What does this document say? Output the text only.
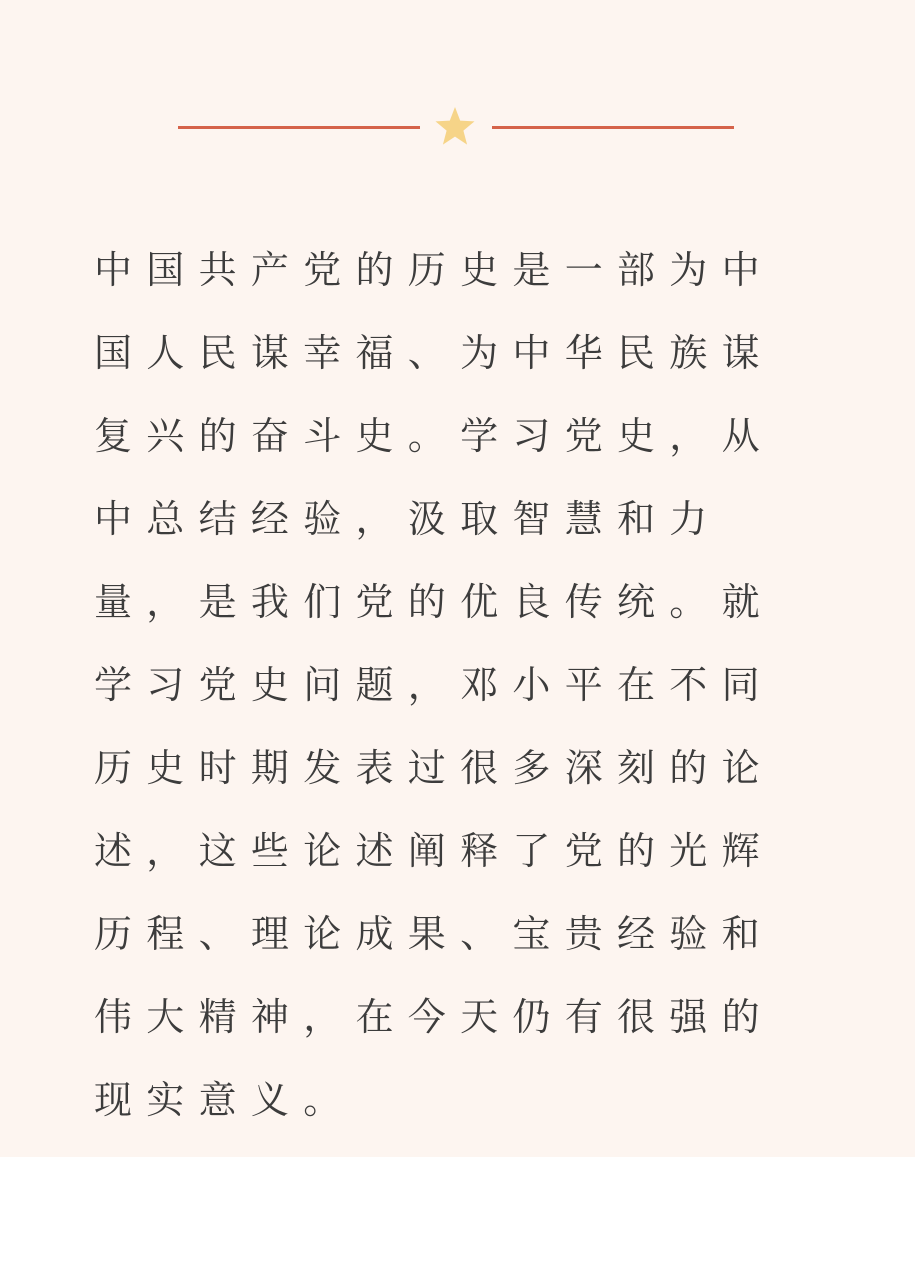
中国共产党的历史是一部为中国人民谋幸福、为中华民族谋复兴的奋斗史。学习党史，从中总结经验，汲取智慧和力量，是我们党的优良传统。就学习党史问题，邓小平在不同历史时期发表过很多深刻的论述，这些论述阐释了党的光辉历程、理论成果、宝贵经验和伟大精神，在今天仍有很强的现实意义。
